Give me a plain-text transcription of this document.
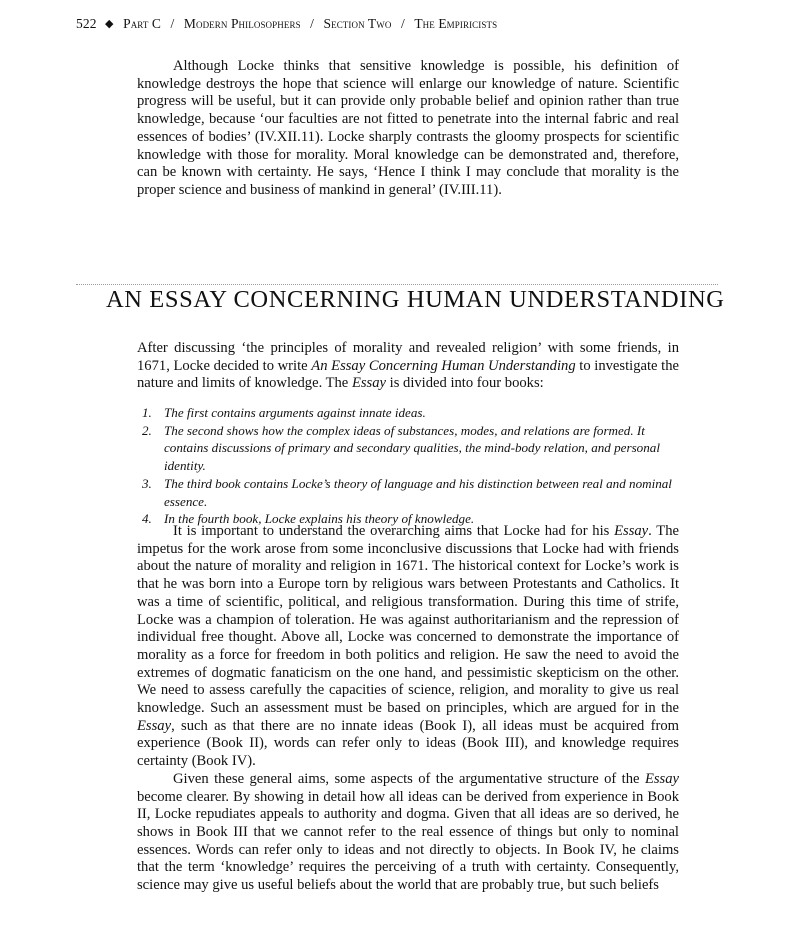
522 ◆ Part C / Modern Philosophers / Section Two / The Empiricists
Although Locke thinks that sensitive knowledge is possible, his definition of knowledge destroys the hope that science will enlarge our knowledge of nature. Scientific progress will be useful, but it can provide only probable belief and opinion rather than true knowledge, because ‘our faculties are not fitted to penetrate into the internal fabric and real essences of bodies’ (IV.XII.11). Locke sharply contrasts the gloomy prospects for scientific knowledge with those for morality. Moral knowledge can be demonstrated and, therefore, can be known with certainty. He says, ‘Hence I think I may conclude that morality is the proper science and business of mankind in general’ (IV.III.11).
AN ESSAY CONCERNING HUMAN UNDERSTANDING
After discussing ‘the principles of morality and revealed religion’ with some friends, in 1671, Locke decided to write An Essay Concerning Human Understanding to investigate the nature and limits of knowledge. The Essay is divided into four books:
1. The first contains arguments against innate ideas.
2. The second shows how the complex ideas of substances, modes, and relations are formed. It contains discussions of primary and secondary qualities, the mind-body relation, and personal identity.
3. The third book contains Locke’s theory of language and his distinction between real and nominal essence.
4. In the fourth book, Locke explains his theory of knowledge.

It is important to understand the overarching aims that Locke had for his Essay. The impetus for the work arose from some inconclusive discussions that Locke had with friends about the nature of morality and religion in 1671. The historical context for Locke’s work is that he was born into a Europe torn by religious wars between Protestants and Catholics. It was a time of scientific, political, and religious transformation. During this time of strife, Locke was a champion of toleration. He was against authoritarianism and the repression of individual free thought. Above all, Locke was concerned to demonstrate the importance of morality as a force for freedom in both politics and religion. He saw the need to avoid the extremes of dogmatic fanaticism on the one hand, and pessimistic skepticism on the other. We need to assess carefully the capacities of science, religion, and morality to give us real knowledge. Such an assessment must be based on principles, which are argued for in the Essay, such as that there are no innate ideas (Book I), all ideas must be acquired from experience (Book II), words can refer only to ideas (Book III), and knowledge requires certainty (Book IV).

Given these general aims, some aspects of the argumentative structure of the Essay become clearer. By showing in detail how all ideas can be derived from experience in Book II, Locke repudiates appeals to authority and dogma. Given that all ideas are so derived, he shows in Book III that we cannot refer to the real essence of things but only to nominal essences. Words can refer only to ideas and not directly to objects. In Book IV, he claims that the term ‘knowledge’ requires the perceiving of a truth with certainty. Consequently, science may give us useful beliefs about the world that are probably true, but such beliefs
